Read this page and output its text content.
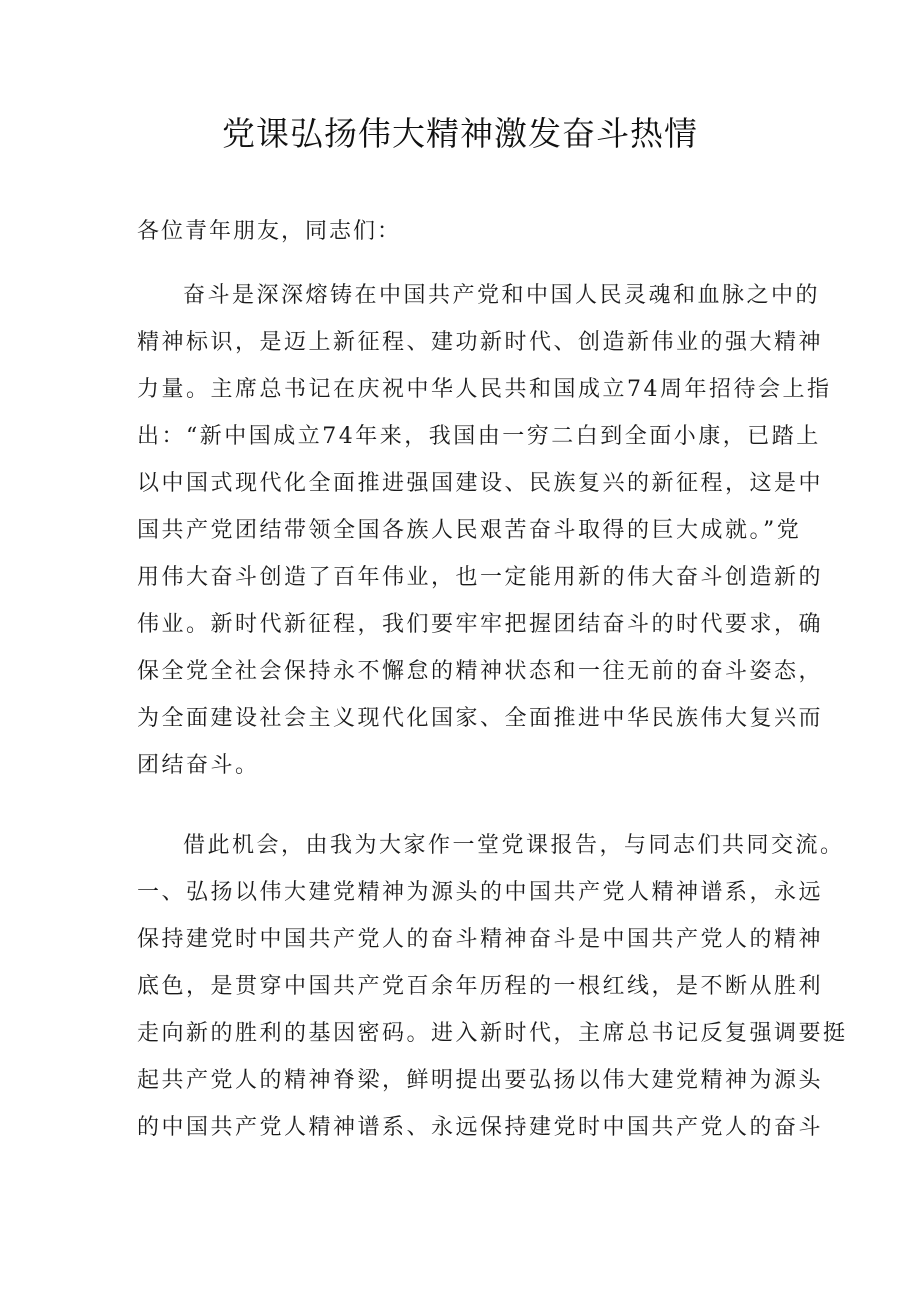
党课弘扬伟大精神激发奋斗热情
各位青年朋友，同志们：
奋斗是深深熔铸在中国共产党和中国人民灵魂和血脉之中的
精神标识，是迈上新征程、建功新时代、创造新伟业的强大精神
力量。主席总书记在庆祝中华人民共和国成立74周年招待会上指
出：“新中国成立74年来，我国由一穷二白到全面小康，已踏上
以中国式现代化全面推进强国建设、民族复兴的新征程，这是中
国共产党团结带领全国各族人民艰苦奋斗取得的巨大成就。”党
用伟大奋斗创造了百年伟业，也一定能用新的伟大奋斗创造新的
伟业。新时代新征程，我们要牢牢把握团结奋斗的时代要求，确
保全党全社会保持永不懈怠的精神状态和一往无前的奋斗姿态，
为全面建设社会主义现代化国家、全面推进中华民族伟大复兴而
团结奋斗。
借此机会，由我为大家作一堂党课报告，与同志们共同交流。
一、弘扬以伟大建党精神为源头的中国共产党人精神谱系，永远
保持建党时中国共产党人的奋斗精神奋斗是中国共产党人的精神
底色，是贯穿中国共产党百余年历程的一根红线，是不断从胜利
走向新的胜利的基因密码。进入新时代，主席总书记反复强调要挺
起共产党人的精神脊梁，鲜明提出要弘扬以伟大建党精神为源头
的中国共产党人精神谱系、永远保持建党时中国共产党人的奋斗
